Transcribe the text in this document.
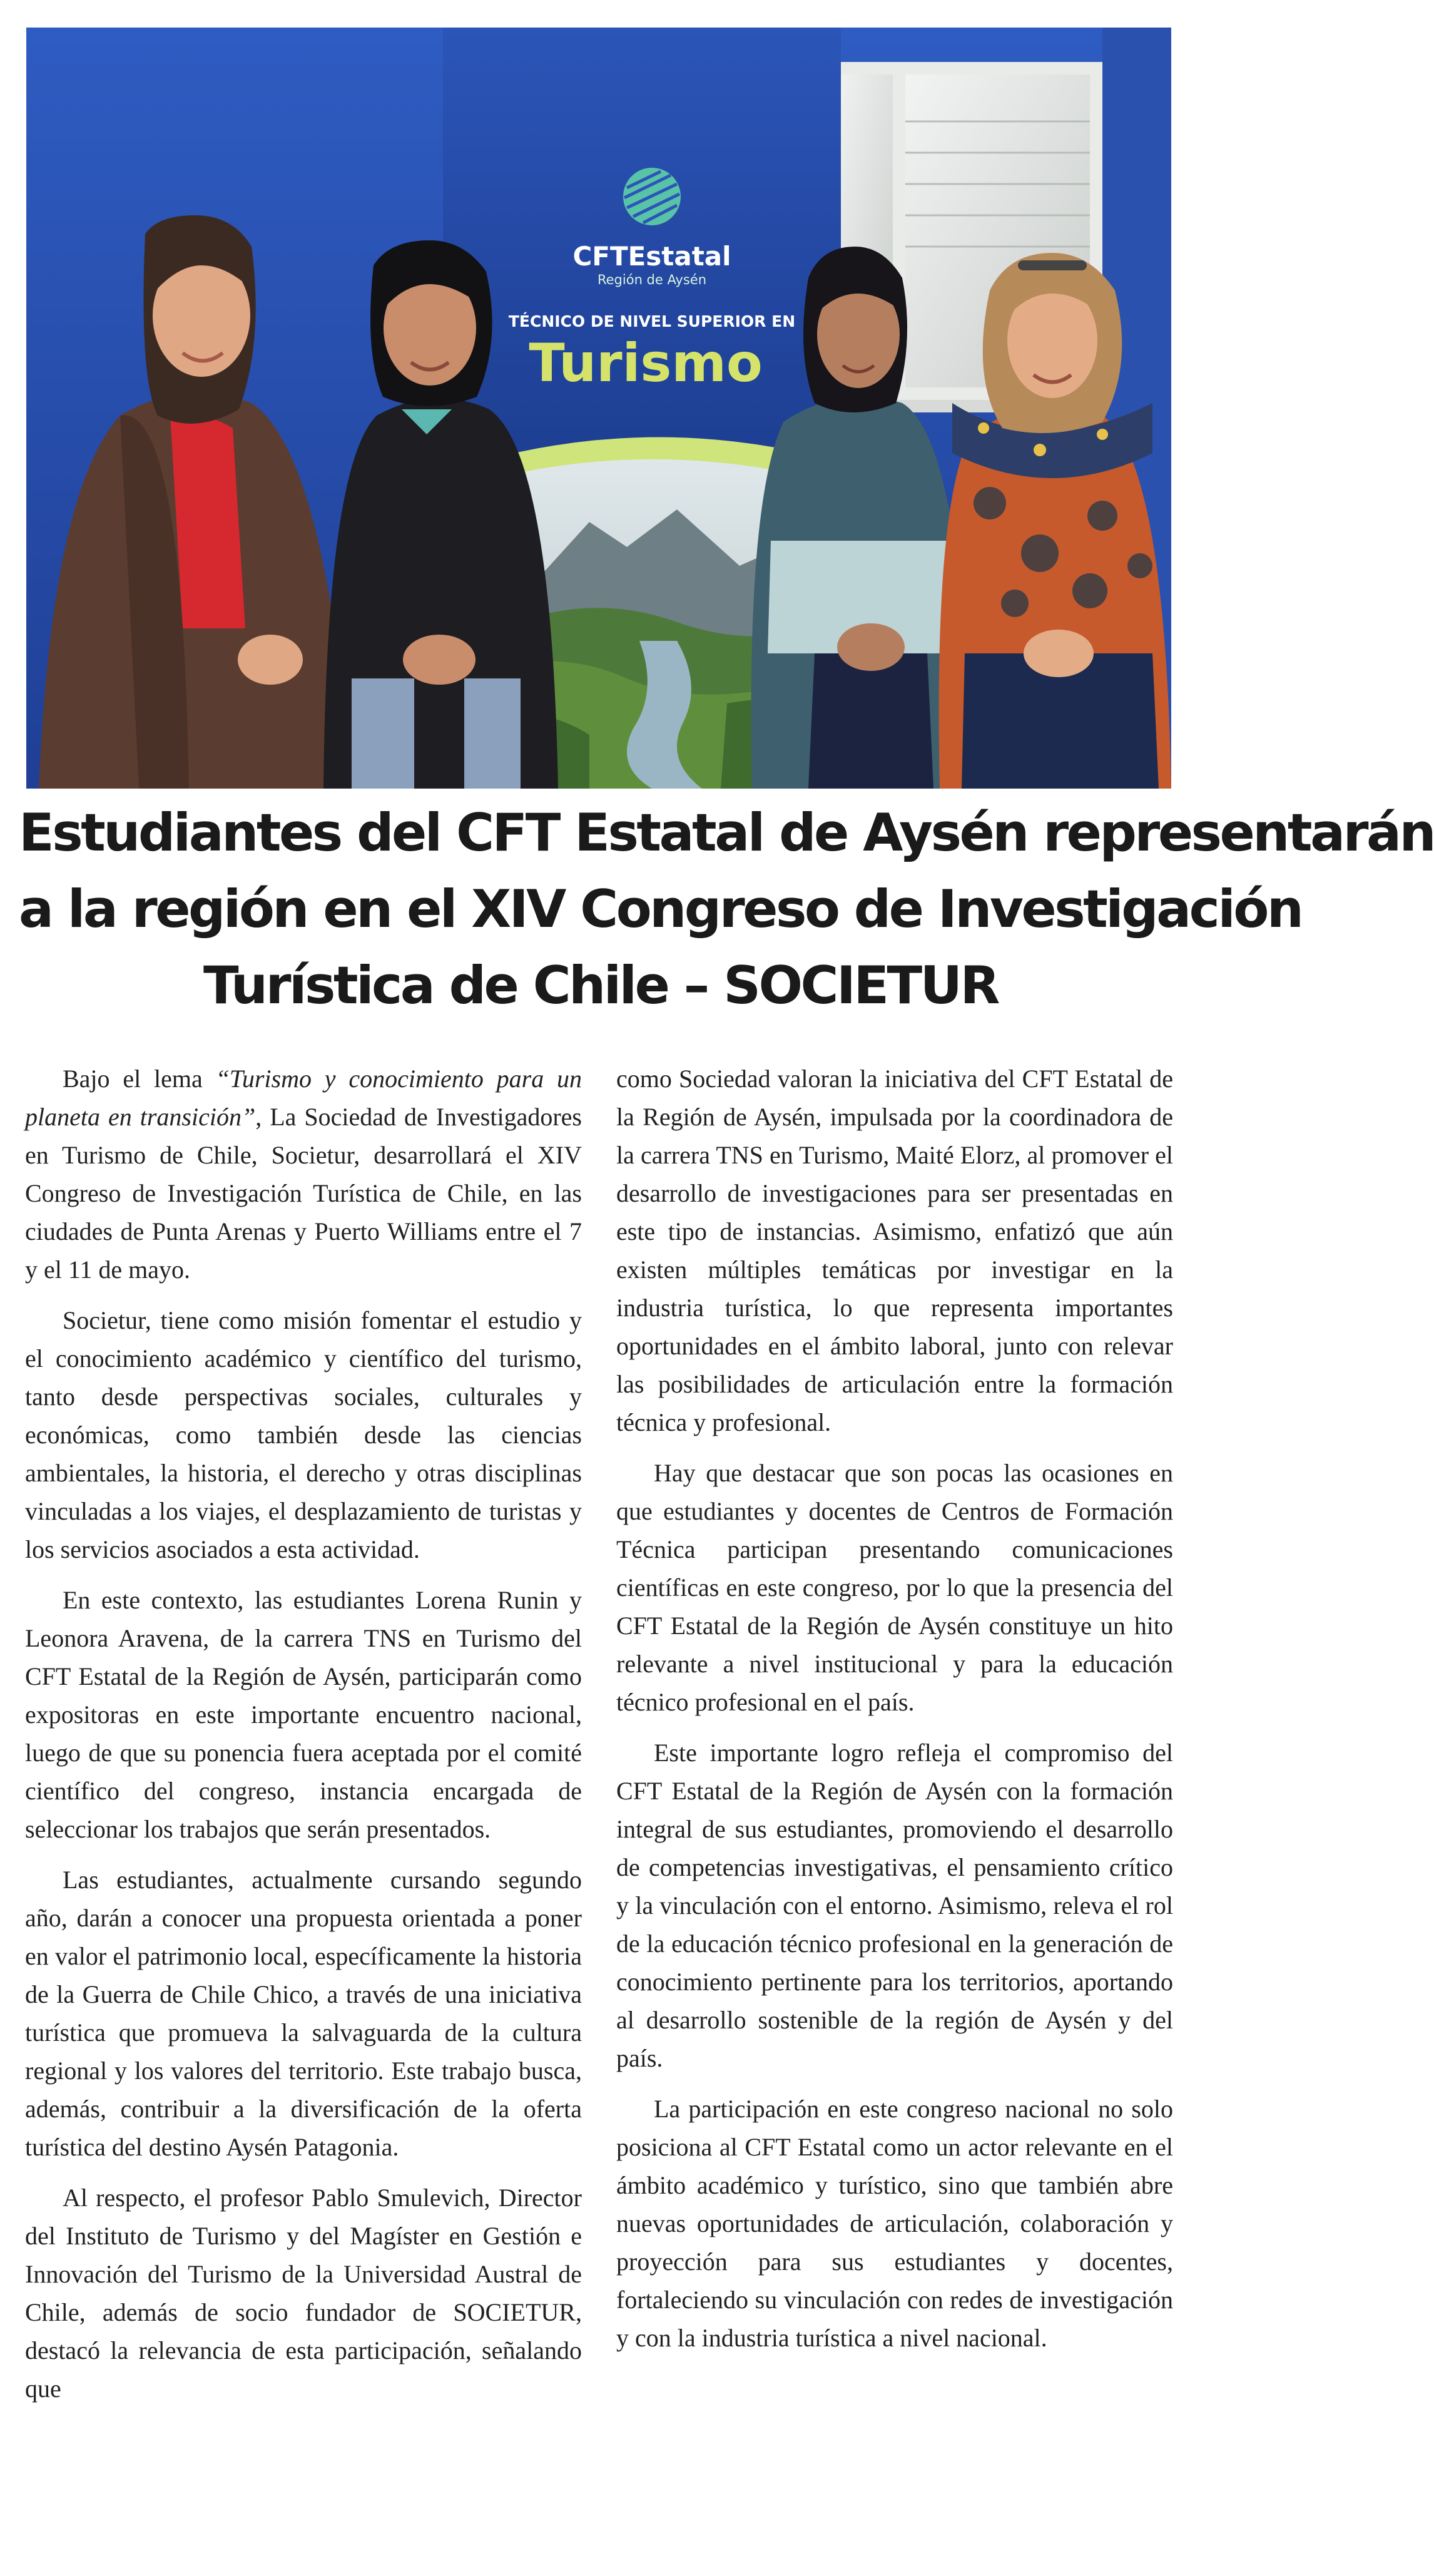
CFTEstatal
Región de Aysén
TÉCNICO DE NIVEL SUPERIOR EN
Turismo
Estudiantes del CFT Estatal de Aysén representarán
a la región en el XIV Congreso de Investigación
Turística de Chile – SOCIETUR

Bajo el lema “Turismo y conocimiento para un planeta en transición”, La Sociedad de Investigadores en Turismo de Chile, Societur, desarrollará el XIV Congreso de Investigación Turística de Chile, en las ciudades de Punta Arenas y Puerto Williams entre el 7 y el 11 de mayo.

Societur, tiene como misión fomentar el estudio y el conocimiento académico y científico del turismo, tanto desde perspectivas sociales, culturales y económicas, como también desde las ciencias ambientales, la historia, el derecho y otras disciplinas vinculadas a los viajes, el desplazamiento de turistas y los servicios asociados a esta actividad.

En este contexto, las estudiantes Lorena Runin y Leonora Aravena, de la carrera TNS en Turismo del CFT Estatal de la Región de Aysén, participarán como expositoras en este importante encuentro nacional, luego de que su ponencia fuera aceptada por el comité científico del congreso, instancia encargada de seleccionar los trabajos que serán presentados.

Las estudiantes, actualmente cursando segundo año, darán a conocer una propuesta orientada a poner en valor el patrimonio local, específicamente la historia de la Guerra de Chile Chico, a través de una iniciativa turística que promueva la salvaguarda de la cultura regional y los valores del territorio. Este trabajo busca, además, contribuir a la diversificación de la oferta turística del destino Aysén Patagonia.

Al respecto, el profesor Pablo Smulevich, Director del Instituto de Turismo y del Magíster en Gestión e Innovación del Turismo de la Universidad Austral de Chile, además de socio fundador de SOCIETUR, destacó la relevancia de esta participación, señalando que

como Sociedad valoran la iniciativa del CFT Estatal de la Región de Aysén, impulsada por la coordinadora de la carrera TNS en Turismo, Maité Elorz, al promover el desarrollo de investigaciones para ser presentadas en este tipo de instancias. Asimismo, enfatizó que aún existen múltiples temáticas por investigar en la industria turística, lo que representa importantes oportunidades en el ámbito laboral, junto con relevar las posibilidades de articulación entre la formación técnica y profesional.

Hay que destacar que son pocas las ocasiones en que estudiantes y docentes de Centros de Formación Técnica participan presentando comunicaciones científicas en este congreso, por lo que la presencia del CFT Estatal de la Región de Aysén constituye un hito relevante a nivel institucional y para la educación técnico profesional en el país.

Este importante logro refleja el compromiso del CFT Estatal de la Región de Aysén con la formación integral de sus estudiantes, promoviendo el desarrollo de competencias investigativas, el pensamiento crítico y la vinculación con el entorno. Asimismo, releva el rol de la educación técnico profesional en la generación de conocimiento pertinente para los territorios, aportando al desarrollo sostenible de la región de Aysén y del país.

La participación en este congreso nacional no solo posiciona al CFT Estatal como un actor relevante en el ámbito académico y turístico, sino que también abre nuevas oportunidades de articulación, colaboración y proyección para sus estudiantes y docentes, fortaleciendo su vinculación con redes de investigación y con la industria turística a nivel nacional.
